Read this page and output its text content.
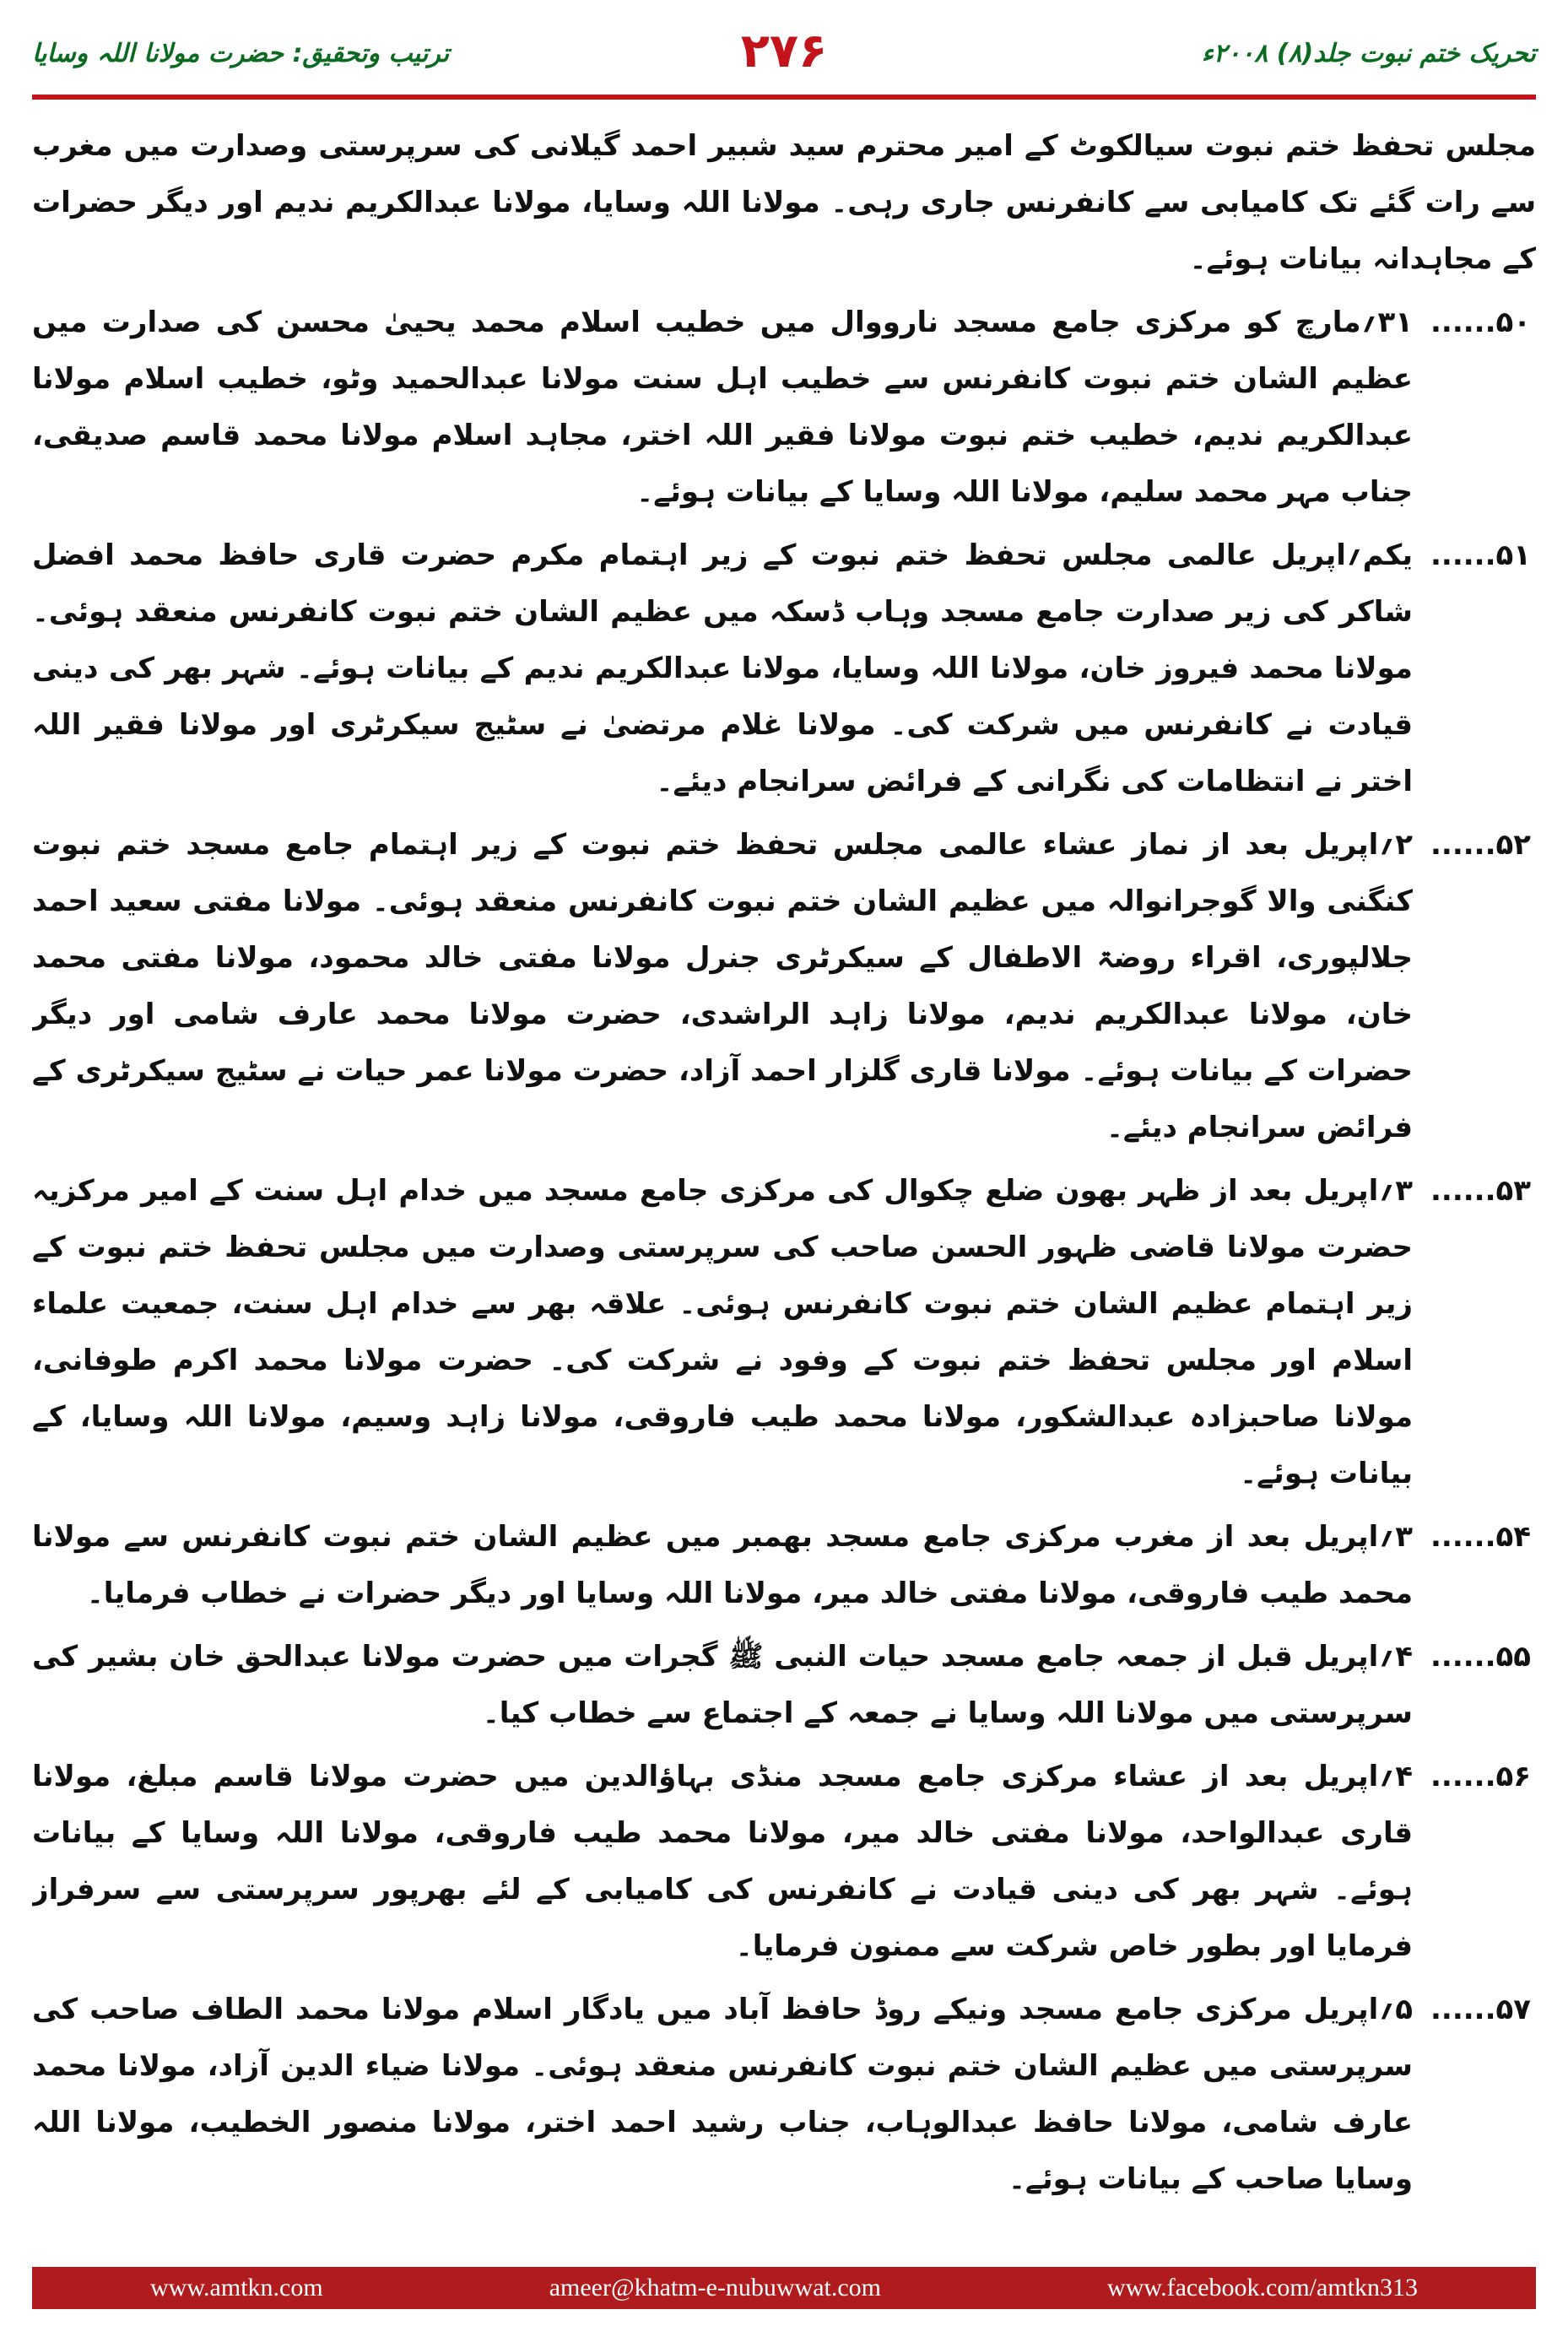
ترتیب وتحقیق: حضرت مولانا اللہ وسایا	۲۷۶	تحریک ختم نبوت جلد(۸) ۲۰۰۸ء

مجلس تحفظ ختم نبوت سیالکوٹ کے امیر محترم سید شبیر احمد گیلانی کی سرپرستی وصدارت میں مغرب سے رات گئے تک کامیابی سے کانفرنس جاری رہی۔ مولانا اللہ وسایا، مولانا عبدالکریم ندیم اور دیگر حضرات کے مجاہدانہ بیانات ہوئے۔

۵۰......
۳۱؍مارچ کو مرکزی جامع مسجد نارووال میں خطیب اسلام محمد یحییٰ محسن کی صدارت میں عظیم الشان ختم نبوت کانفرنس سے خطیب اہل سنت مولانا عبدالحمید وٹو، خطیب اسلام مولانا عبدالکریم ندیم، خطیب ختم نبوت مولانا فقیر اللہ اختر، مجاہد اسلام مولانا محمد قاسم صدیقی، جناب مہر محمد سلیم، مولانا اللہ وسایا کے بیانات ہوئے۔
۵۱......
یکم؍اپریل عالمی مجلس تحفظ ختم نبوت کے زیر اہتمام مکرم حضرت قاری حافظ محمد افضل شاکر کی زیر صدارت جامع مسجد وہاب ڈسکہ میں عظیم الشان ختم نبوت کانفرنس منعقد ہوئی۔ مولانا محمد فیروز خان، مولانا اللہ وسایا، مولانا عبدالکریم ندیم کے بیانات ہوئے۔ شہر بھر کی دینی قیادت نے کانفرنس میں شرکت کی۔ مولانا غلام مرتضیٰ نے سٹیج سیکرٹری اور مولانا فقیر اللہ اختر نے انتظامات کی نگرانی کے فرائض سرانجام دیئے۔
۵۲......
۲؍اپریل بعد از نماز عشاء عالمی مجلس تحفظ ختم نبوت کے زیر اہتمام جامع مسجد ختم نبوت کنگنی والا گوجرانوالہ میں عظیم الشان ختم نبوت کانفرنس منعقد ہوئی۔ مولانا مفتی سعید احمد جلالپوری، اقراء روضۃ الاطفال کے سیکرٹری جنرل مولانا مفتی خالد محمود، مولانا مفتی محمد خان، مولانا عبدالکریم ندیم، مولانا زاہد الراشدی، حضرت مولانا محمد عارف شامی اور دیگر حضرات کے بیانات ہوئے۔ مولانا قاری گلزار احمد آزاد، حضرت مولانا عمر حیات نے سٹیج سیکرٹری کے فرائض سرانجام دیئے۔
۵۳......
۳؍اپریل بعد از ظہر بھون ضلع چکوال کی مرکزی جامع مسجد میں خدام اہل سنت کے امیر مرکزیہ حضرت مولانا قاضی ظہور الحسن صاحب کی سرپرستی وصدارت میں مجلس تحفظ ختم نبوت کے زیر اہتمام عظیم الشان ختم نبوت کانفرنس ہوئی۔ علاقہ بھر سے خدام اہل سنت، جمعیت علماء اسلام اور مجلس تحفظ ختم نبوت کے وفود نے شرکت کی۔ حضرت مولانا محمد اکرم طوفانی، مولانا صاحبزادہ عبدالشکور، مولانا محمد طیب فاروقی، مولانا زاہد وسیم، مولانا اللہ وسایا، کے بیانات ہوئے۔
۵۴......
۳؍اپریل بعد از مغرب مرکزی جامع مسجد بھمبر میں عظیم الشان ختم نبوت کانفرنس سے مولانا محمد طیب فاروقی، مولانا مفتی خالد میر، مولانا اللہ وسایا اور دیگر حضرات نے خطاب فرمایا۔
۵۵......
۴؍اپریل قبل از جمعہ جامع مسجد حیات النبی ﷺ گجرات میں حضرت مولانا عبدالحق خان بشیر کی سرپرستی میں مولانا اللہ وسایا نے جمعہ کے اجتماع سے خطاب کیا۔
۵۶......
۴؍اپریل بعد از عشاء مرکزی جامع مسجد منڈی بہاؤالدین میں حضرت مولانا قاسم مبلغ، مولانا قاری عبدالواحد، مولانا مفتی خالد میر، مولانا محمد طیب فاروقی، مولانا اللہ وسایا کے بیانات ہوئے۔ شہر بھر کی دینی قیادت نے کانفرنس کی کامیابی کے لئے بھرپور سرپرستی سے سرفراز فرمایا اور بطور خاص شرکت سے ممنون فرمایا۔
۵۷......
۵؍اپریل مرکزی جامع مسجد ونیکے روڈ حافظ آباد میں یادگار اسلام مولانا محمد الطاف صاحب کی سرپرستی میں عظیم الشان ختم نبوت کانفرنس منعقد ہوئی۔ مولانا ضیاء الدین آزاد، مولانا محمد عارف شامی، مولانا حافظ عبدالوہاب، جناب رشید احمد اختر، مولانا منصور الخطیب، مولانا اللہ وسایا صاحب کے بیانات ہوئے۔
www.amtkn.com	ameer@khatm-e-nubuwwat.com	www.facebook.com/amtkn313
